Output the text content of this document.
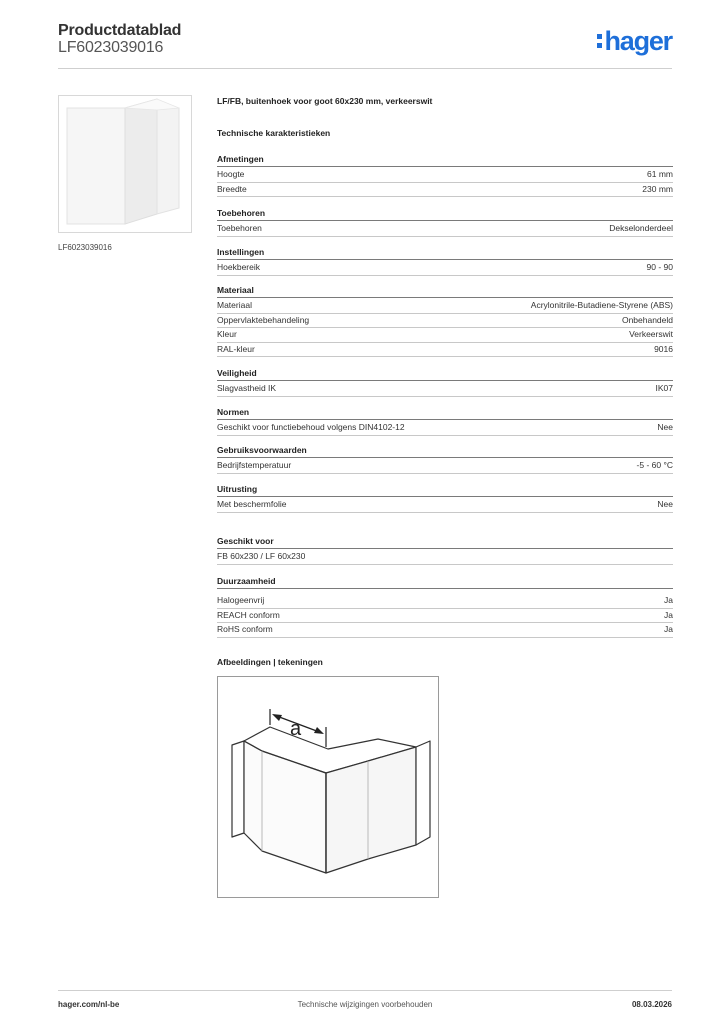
Productdatablad
LF6023039016	hager
LF6023039016
LF/FB, buitenhoek voor goot 60x230 mm, verkeerswit
Technische karakteristieken
Afmetingen
Hoogte	61 mm
Breedte	230 mm
Toebehoren
Toebehoren	Dekselonderdeel
Instellingen
Hoekbereik	90 - 90
Materiaal
Materiaal	Acrylonitrile-Butadiene-Styrene (ABS)
Oppervlaktebehandeling	Onbehandeld
Kleur	Verkeerswit
RAL-kleur	9016
Veiligheid
Slagvastheid IK	IK07
Normen
Geschikt voor functiebehoud volgens DIN4102-12	Nee
Gebruiksvoorwaarden
Bedrijfstemperatuur	-5 - 60 °C
Uitrusting
Met beschermfolie	Nee
Geschikt voor
FB 60x230 / LF 60x230
Duurzaamheid
Halogeenvrij	Ja
REACH conform	Ja
RoHS conform	Ja
Afbeeldingen | tekeningen
a
hager.com/nl-be	Technische wijzigingen voorbehouden	08.03.2026
